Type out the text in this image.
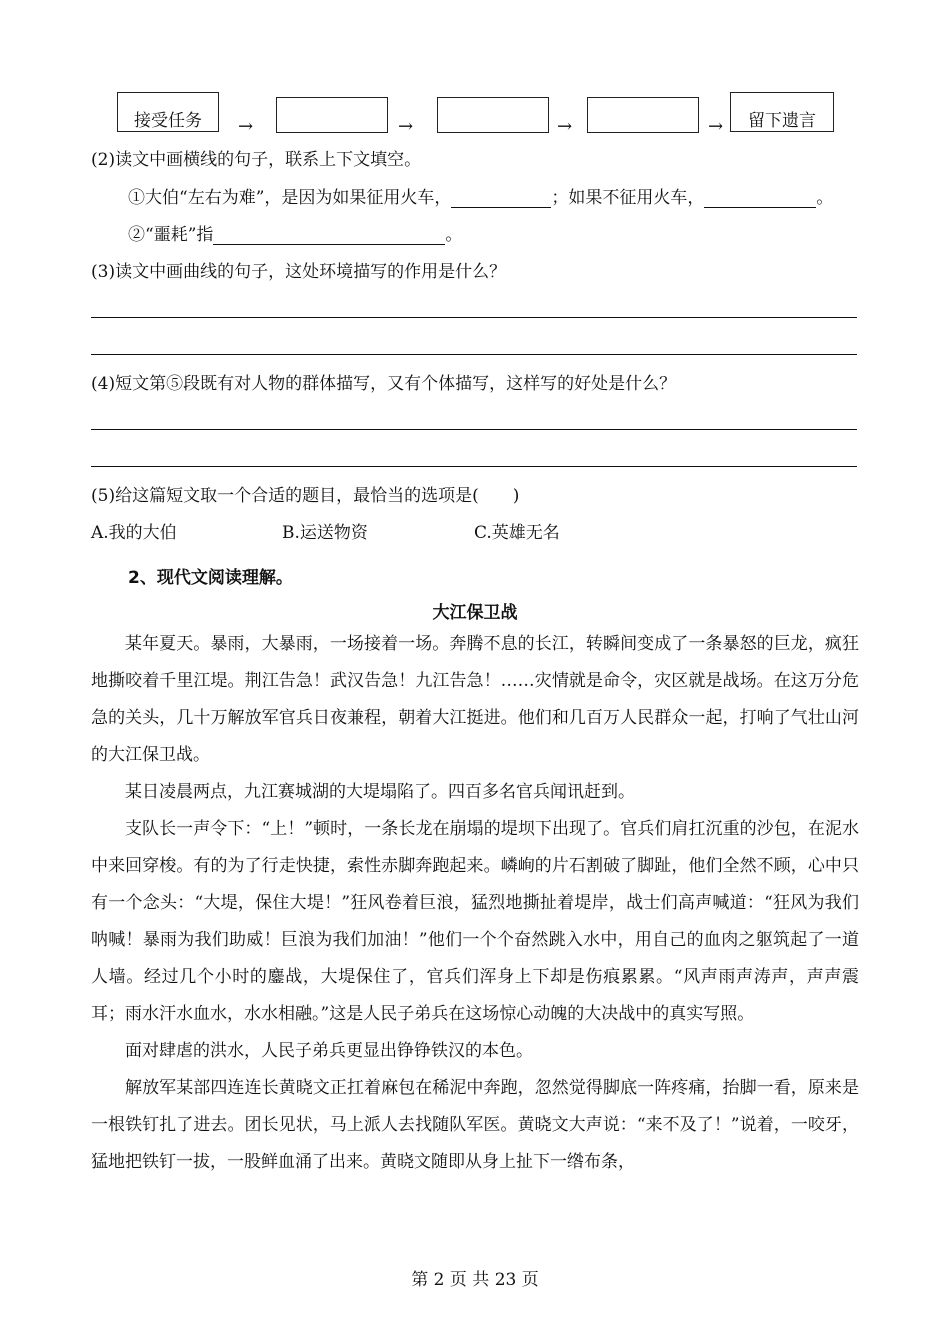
接受任务	→	→	→	→	留下遗言
(2)读文中画横线的句子，联系上下文填空。
①大伯“左右为难”，是因为如果征用火车，	；如果不征用火车，	。
②“噩耗”指	。
(3)读文中画曲线的句子，这处环境描写的作用是什么？
(4)短文第⑤段既有对人物的群体描写，又有个体描写，这样写的好处是什么？
(5)给这篇短文取一个合适的题目，最恰当的选项是(　　)
A.我的大伯	B.运送物资	C.英雄无名
2、现代文阅读理解。
大江保卫战

某年夏天。暴雨，大暴雨，一场接着一场。奔腾不息的长江，转瞬间变成了一条暴怒的巨龙，疯狂地撕咬着千里江堤。荆江告急！武汉告急！九江告急！……灾情就是命令，灾区就是战场。在这万分危急的关头，几十万解放军官兵日夜兼程，朝着大江挺进。他们和几百万人民群众一起，打响了气壮山河的大江保卫战。

某日凌晨两点，九江赛城湖的大堤塌陷了。四百多名官兵闻讯赶到。

支队长一声令下：“上！”顿时，一条长龙在崩塌的堤坝下出现了。官兵们肩扛沉重的沙包，在泥水中来回穿梭。有的为了行走快捷，索性赤脚奔跑起来。嶙峋的片石割破了脚趾，他们全然不顾，心中只有一个念头：“大堤，保住大堤！”狂风卷着巨浪，猛烈地撕扯着堤岸，战士们高声喊道：“狂风为我们呐喊！暴雨为我们助威！巨浪为我们加油！”他们一个个奋然跳入水中，用自己的血肉之躯筑起了一道人墙。经过几个小时的鏖战，大堤保住了，官兵们浑身上下却是伤痕累累。“风声雨声涛声，声声震耳；雨水汗水血水，水水相融。”这是人民子弟兵在这场惊心动魄的大决战中的真实写照。

面对肆虐的洪水，人民子弟兵更显出铮铮铁汉的本色。

解放军某部四连连长黄晓文正扛着麻包在稀泥中奔跑，忽然觉得脚底一阵疼痛，抬脚一看，原来是一根铁钉扎了进去。团长见状，马上派人去找随队军医。黄晓文大声说：“来不及了！”说着，一咬牙，猛地把铁钉一拔，一股鲜血涌了出来。黄晓文随即从身上扯下一绺布条，

第 2 页 共 23 页
